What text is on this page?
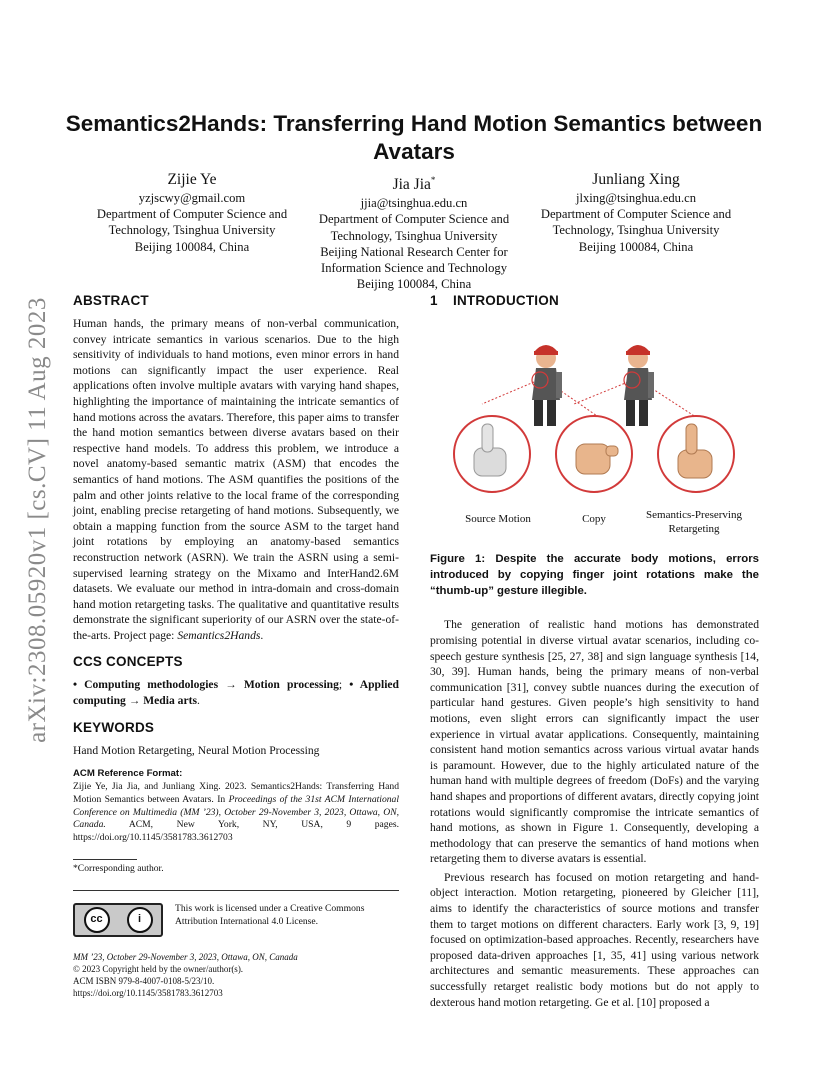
arXiv:2308.05920v1 [cs.CV] 11 Aug 2023
Semantics2Hands: Transferring Hand Motion Semantics between
Avatars
Zijie Ye
yzjscwy@gmail.com
Department of Computer Science and
Technology, Tsinghua University
Beijing 100084, China
Jia Jia*
jjia@tsinghua.edu.cn
Department of Computer Science and
Technology, Tsinghua University
Beijing National Research Center for
Information Science and Technology
Beijing 100084, China
Junliang Xing
jlxing@tsinghua.edu.cn
Department of Computer Science and
Technology, Tsinghua University
Beijing 100084, China
ABSTRACT

Human hands, the primary means of non-verbal communication, convey intricate semantics in various scenarios. Due to the high sensitivity of individuals to hand motions, even minor errors in hand motions can significantly impact the user experience. Real applications often involve multiple avatars with varying hand shapes, highlighting the importance of maintaining the intricate semantics of hand motions across the avatars. Therefore, this paper aims to transfer the hand motion semantics between diverse avatars based on their respective hand models. To address this problem, we introduce a novel anatomy-based semantic matrix (ASM) that encodes the semantics of hand motions. The ASM quantifies the positions of the palm and other joints relative to the local frame of the corresponding joint, enabling precise retargeting of hand motions. Subsequently, we obtain a mapping function from the source ASM to the target hand joint rotations by employing an anatomy-based semantics reconstruction network (ASRN). We train the ASRN using a semi-supervised learning strategy on the Mixamo and InterHand2.6M datasets. We evaluate our method in intra-domain and cross-domain hand motion retargeting tasks. The qualitative and quantitative results demonstrate the significant superiority of our ASRN over the state-of-the-arts. Project page: Semantics2Hands.

CCS CONCEPTS

• Computing methodologies → Motion processing; • Applied computing → Media arts.

KEYWORDS

Hand Motion Retargeting, Neural Motion Processing

ACM Reference Format:

Zijie Ye, Jia Jia, and Junliang Xing. 2023. Semantics2Hands: Transferring Hand Motion Semantics between Avatars. In Proceedings of the 31st ACM International Conference on Multimedia (MM ’23), October 29-November 3, 2023, Ottawa, ON, Canada. ACM, New York, NY, USA, 9 pages. https://doi.org/10.1145/3581783.3612703

*Corresponding author.
cc	i
This work is licensed under a Creative Commons Attribution International 4.0 License.
MM ’23, October 29-November 3, 2023, Ottawa, ON, Canada
© 2023 Copyright held by the owner/author(s).
ACM ISBN 979-8-4007-0108-5/23/10.
https://doi.org/10.1145/3581783.3612703
1 INTRODUCTION
Source Motion	Copy	Semantics-Preserving
Retargeting

Figure 1: Despite the accurate body motions, errors introduced by copying finger joint rotations make the “thumb-up” gesture illegible.

The generation of realistic hand motions has demonstrated promising potential in diverse virtual avatar scenarios, including co-speech gesture synthesis [25, 27, 38] and sign language synthesis [14, 30, 39]. Human hands, being the primary means of non-verbal communication [31], convey subtle nuances during the execution of particular hand gestures. Given people’s high sensitivity to hand motions, even slight errors can significantly impact the user experience in virtual avatar applications. Consequently, maintaining consistent hand motion semantics across various virtual avatar hands is paramount. However, due to the highly articulated nature of the human hand with multiple degrees of freedom (DoFs) and the varying hand shapes and proportions of different avatars, directly copying joint rotations would significantly compromise the intricate semantics of hand motions, as shown in Figure 1. Consequently, developing a methodology that can preserve the semantics of hand motions when retargeting them to diverse avatars is essential.

Previous research has focused on motion retargeting and hand-object interaction. Motion retargeting, pioneered by Gleicher [11], aims to identify the characteristics of source motions and transfer them to target motions on different characters. Early work [3, 9, 19] focused on optimization-based approaches. Recently, researchers have proposed data-driven approaches [1, 35, 41] using various network architectures and semantic measurements. These approaches can successfully retarget realistic body motions but do not apply to dexterous hand motion retargeting. Ge et al. [10] proposed a
